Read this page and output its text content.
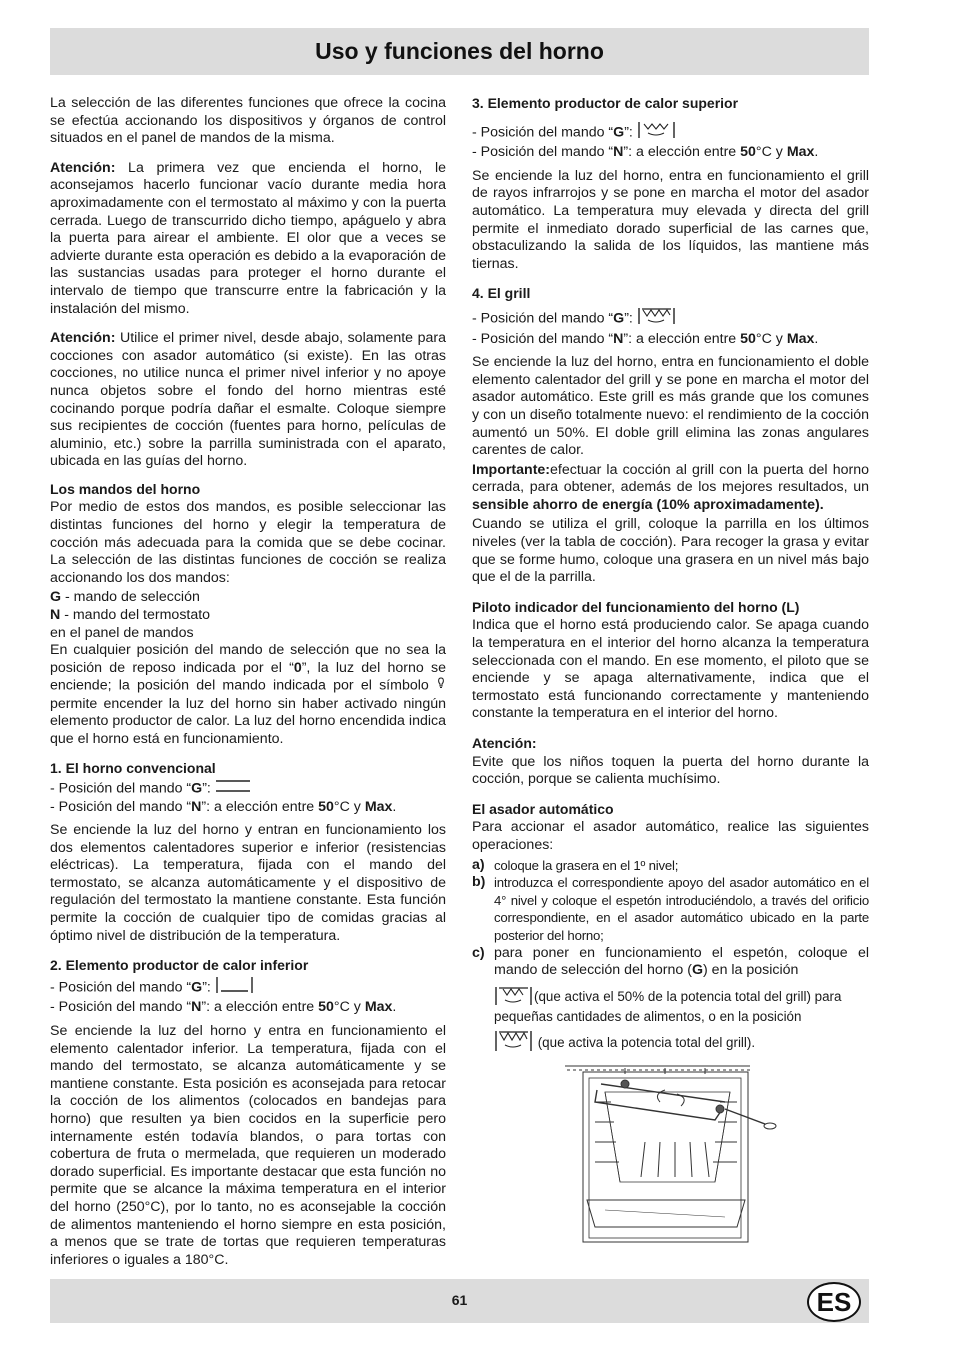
Uso y funciones del horno

La selección de las diferentes funciones que ofrece la cocina se efectúa accionando los dispositivos y órganos de control situados en el panel de mandos de la misma.

Atención: La primera vez que encienda el horno, le aconsejamos hacerlo funcionar vacío durante media hora aproximadamente con el termostato al máximo y con la puerta cerrada. Luego de transcurrido dicho tiempo, apáguelo y abra la puerta para airear el ambiente. El olor que a veces se advierte durante esta operación es debido a la evaporación de las sustancias usadas para proteger el horno durante el intervalo de tiempo que transcurre entre la fabricación y la instalación del mismo.

Atención: Utilice el primer nivel, desde abajo, solamente para cocciones con asador automático (si existe). En las otras cocciones, no utilice nunca el primer nivel inferior y no apoye nunca objetos sobre el fondo del horno mientras esté cocinando porque podría dañar el esmalte. Coloque siempre sus recipientes de cocción (fuentes para horno, películas de aluminio, etc.) sobre la parrilla suministrada con el aparato, ubicada en las guías del horno.

Los mandos del horno

Por medio de estos dos mandos, es posible seleccionar las distintas funciones del horno y elegir la temperatura de cocción más adecuada para la comida que se debe cocinar. La selección de las distintas funciones de cocción se realiza accionando los dos mandos:

G - mando de selección
N - mando del termostato
en el panel de mandos

En cualquier posición del mando de selección que no sea la posición de reposo indicada por el “0”, la luz del horno se enciende; la posición del mando indicada por el símbolo  permite encender la luz del horno sin haber activado ningún elemento productor de calor. La luz del horno encendida indica que el horno está en funcionamiento.

1. El horno convencional
- Posición del mando “G”:
- Posición del mando “N”: a elección entre 50°C y Max.

Se enciende la luz del horno y entran en funcionamiento los dos elementos calentadores superior e inferior (resistencias eléctricas). La temperatura, fijada con el mando del termostato, se alcanza automáticamente y el dispositivo de regulación del termostato la mantiene constante. Esta función permite la cocción de cualquier tipo de comidas gracias al óptimo nivel de distribución de la temperatura.

2. Elemento productor de calor inferior
- Posición del mando “G”:
- Posición del mando “N”: a elección entre 50°C y Max.

Se enciende la luz del horno y entra en funcionamiento el elemento calentador inferior. La temperatura, fijada con el mando del termostato, se alcanza automáticamente y se mantiene constante. Esta posición es aconsejada para retocar la cocción de los alimentos (colocados en bandejas para horno) que resulten ya bien cocidos en la superficie pero internamente estén todavía blandos, o para tortas con cobertura de fruta o mermelada, que requieren un moderado dorado superficial. Es importante destacar que esta función no permite que se alcance la máxima temperatura en el interior del horno (250°C), por lo tanto, no es aconsejable la cocción de alimentos manteniendo el horno siempre en esta posición, a menos que se trate de tortas que requieren temperaturas inferiores o iguales a 180°C.

3. Elemento productor de calor superior
- Posición del mando “G”:
- Posición del mando “N”: a elección entre 50°C y Max.

Se enciende la luz del horno, entra en funcionamiento el grill de rayos infrarrojos y se pone en marcha el motor del asador automático. La temperatura muy elevada y directa del grill permite el inmediato dorado superficial de las carnes que, obstaculizando la salida de los líquidos, las mantiene más tiernas.

4. El grill
- Posición del mando “G”:
- Posición del mando “N”: a elección entre 50°C y Max.

Se enciende la luz del horno, entra en funcionamiento el doble elemento calentador del grill y se pone en marcha el motor del asador automático. Este grill es más grande que los comunes y con un diseño totalmente nuevo: el rendimiento de la cocción aumentó un 50%. El doble grill elimina las zonas angulares carentes de calor.

Importante:efectuar la cocción al grill con la puerta del horno cerrada, para obtener, además de los mejores resultados, un sensible ahorro de energía (10% aproximadamente).

Cuando se utiliza el grill, coloque la parrilla en los últimos niveles (ver la tabla de cocción). Para recoger la grasa y evitar que se forme humo, coloque una grasera en un nivel más bajo que el de la parrilla.

Piloto indicador del funcionamiento del horno (L)

Indica que el horno está produciendo calor. Se apaga cuando la temperatura en el interior del horno alcanza la temperatura seleccionada con el mando. En ese momento, el piloto que se enciende y se apaga alternativamente, indica que el termostato está funcionando correctamente y manteniendo constante la temperatura en el interior del horno.

Atención:

Evite que los niños toquen la puerta del horno durante la cocción, porque se calienta muchísimo.

El asador automático

Para accionar el asador automático, realice las siguientes operaciones:

a) coloque la grasera en el 1º nivel;
b) introduzca el correspondiente apoyo del asador automático en el 4° nivel y coloque el espetón introduciéndolo, a través del orificio correspondiente, en el asador automático ubicado en la parte posterior del horno;
c) para poner en funcionamiento el espetón, coloque el mando de selección del horno (G) en la posición
(que activa el 50% de la potencia total del grill) para pequeñas cantidades de alimentos, o en la posición
(que activa la potencia total del grill).
61	ES
